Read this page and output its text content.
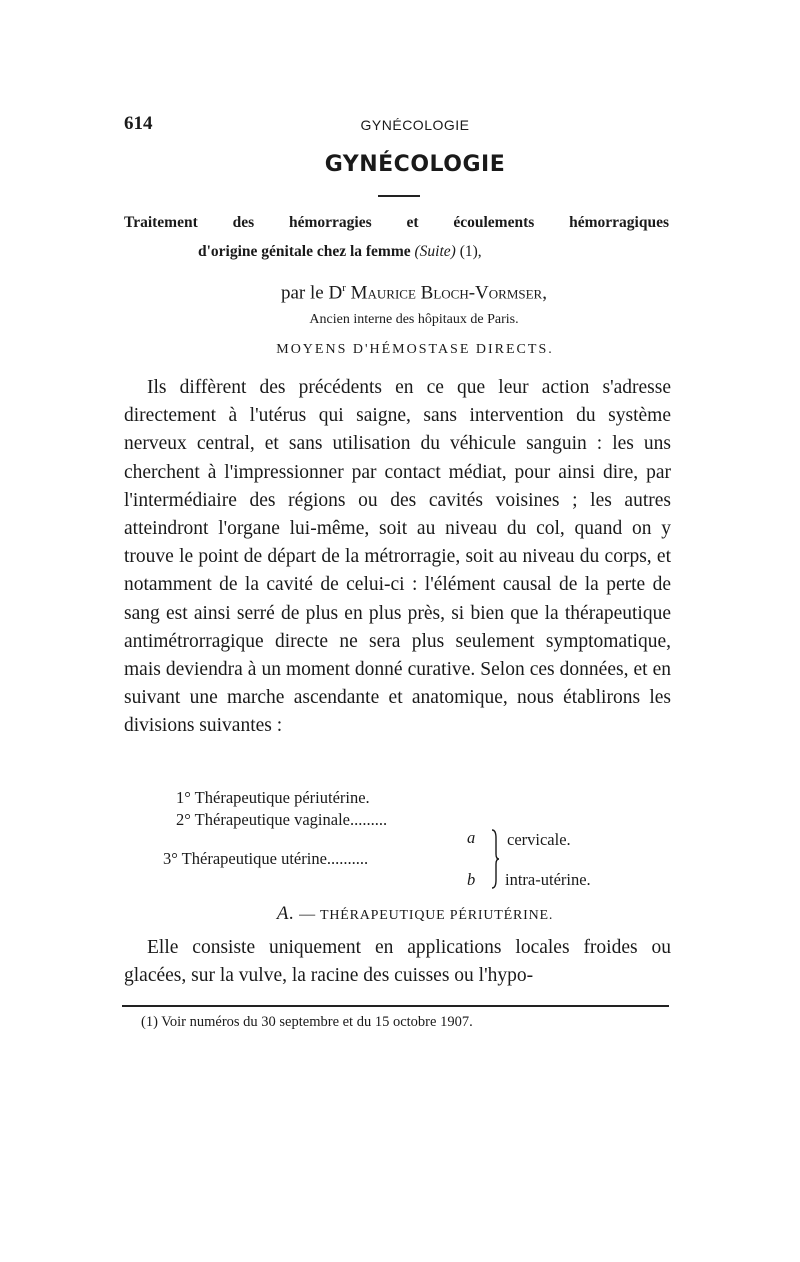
614	GYNÉCOLOGIE
GYNÉCOLOGIE
Traitement des hémorragies et écoulements hémorragiques
d'origine génitale chez la femme (Suite) (1),
par le $D^r$ Maurice Bloch-Vormser,
Ancien interne des hôpitaux de Paris.
MOYENS D'HÉMOSTASE DIRECTS.

Ils diffèrent des précédents en ce que leur action s'adresse directement à l'utérus qui saigne, sans intervention du système nerveux central, et sans utilisation du véhicule sanguin : les uns cherchent à l'impressionner par contact médiat, pour ainsi dire, par l'intermédiaire des régions ou des cavités voisines ; les autres atteindront l'organe lui-même, soit au niveau du col, quand on y trouve le point de départ de la métrorragie, soit au niveau du corps, et notamment de la cavité de celui-ci : l'élément causal de la perte de sang est ainsi serré de plus en plus près, si bien que la thérapeutique antimétrorragique directe ne sera plus seulement symptomatique, mais deviendra à un moment donné curative. Selon ces données, et en suivant une marche ascendante et anatomique, nous établirons les divisions suivantes :

1° Thérapeutique périutérine.
2° Thérapeutique vaginale.........
3° Thérapeutique utérine..........
a
b
cervicale.
intra-utérine.
A. — THÉRAPEUTIQUE PÉRIUTÉRINE.

Elle consiste uniquement en applications locales froides ou glacées, sur la vulve, la racine des cuisses ou l'hypo-

(1) Voir numéros du 30 septembre et du 15 octobre 1907.
